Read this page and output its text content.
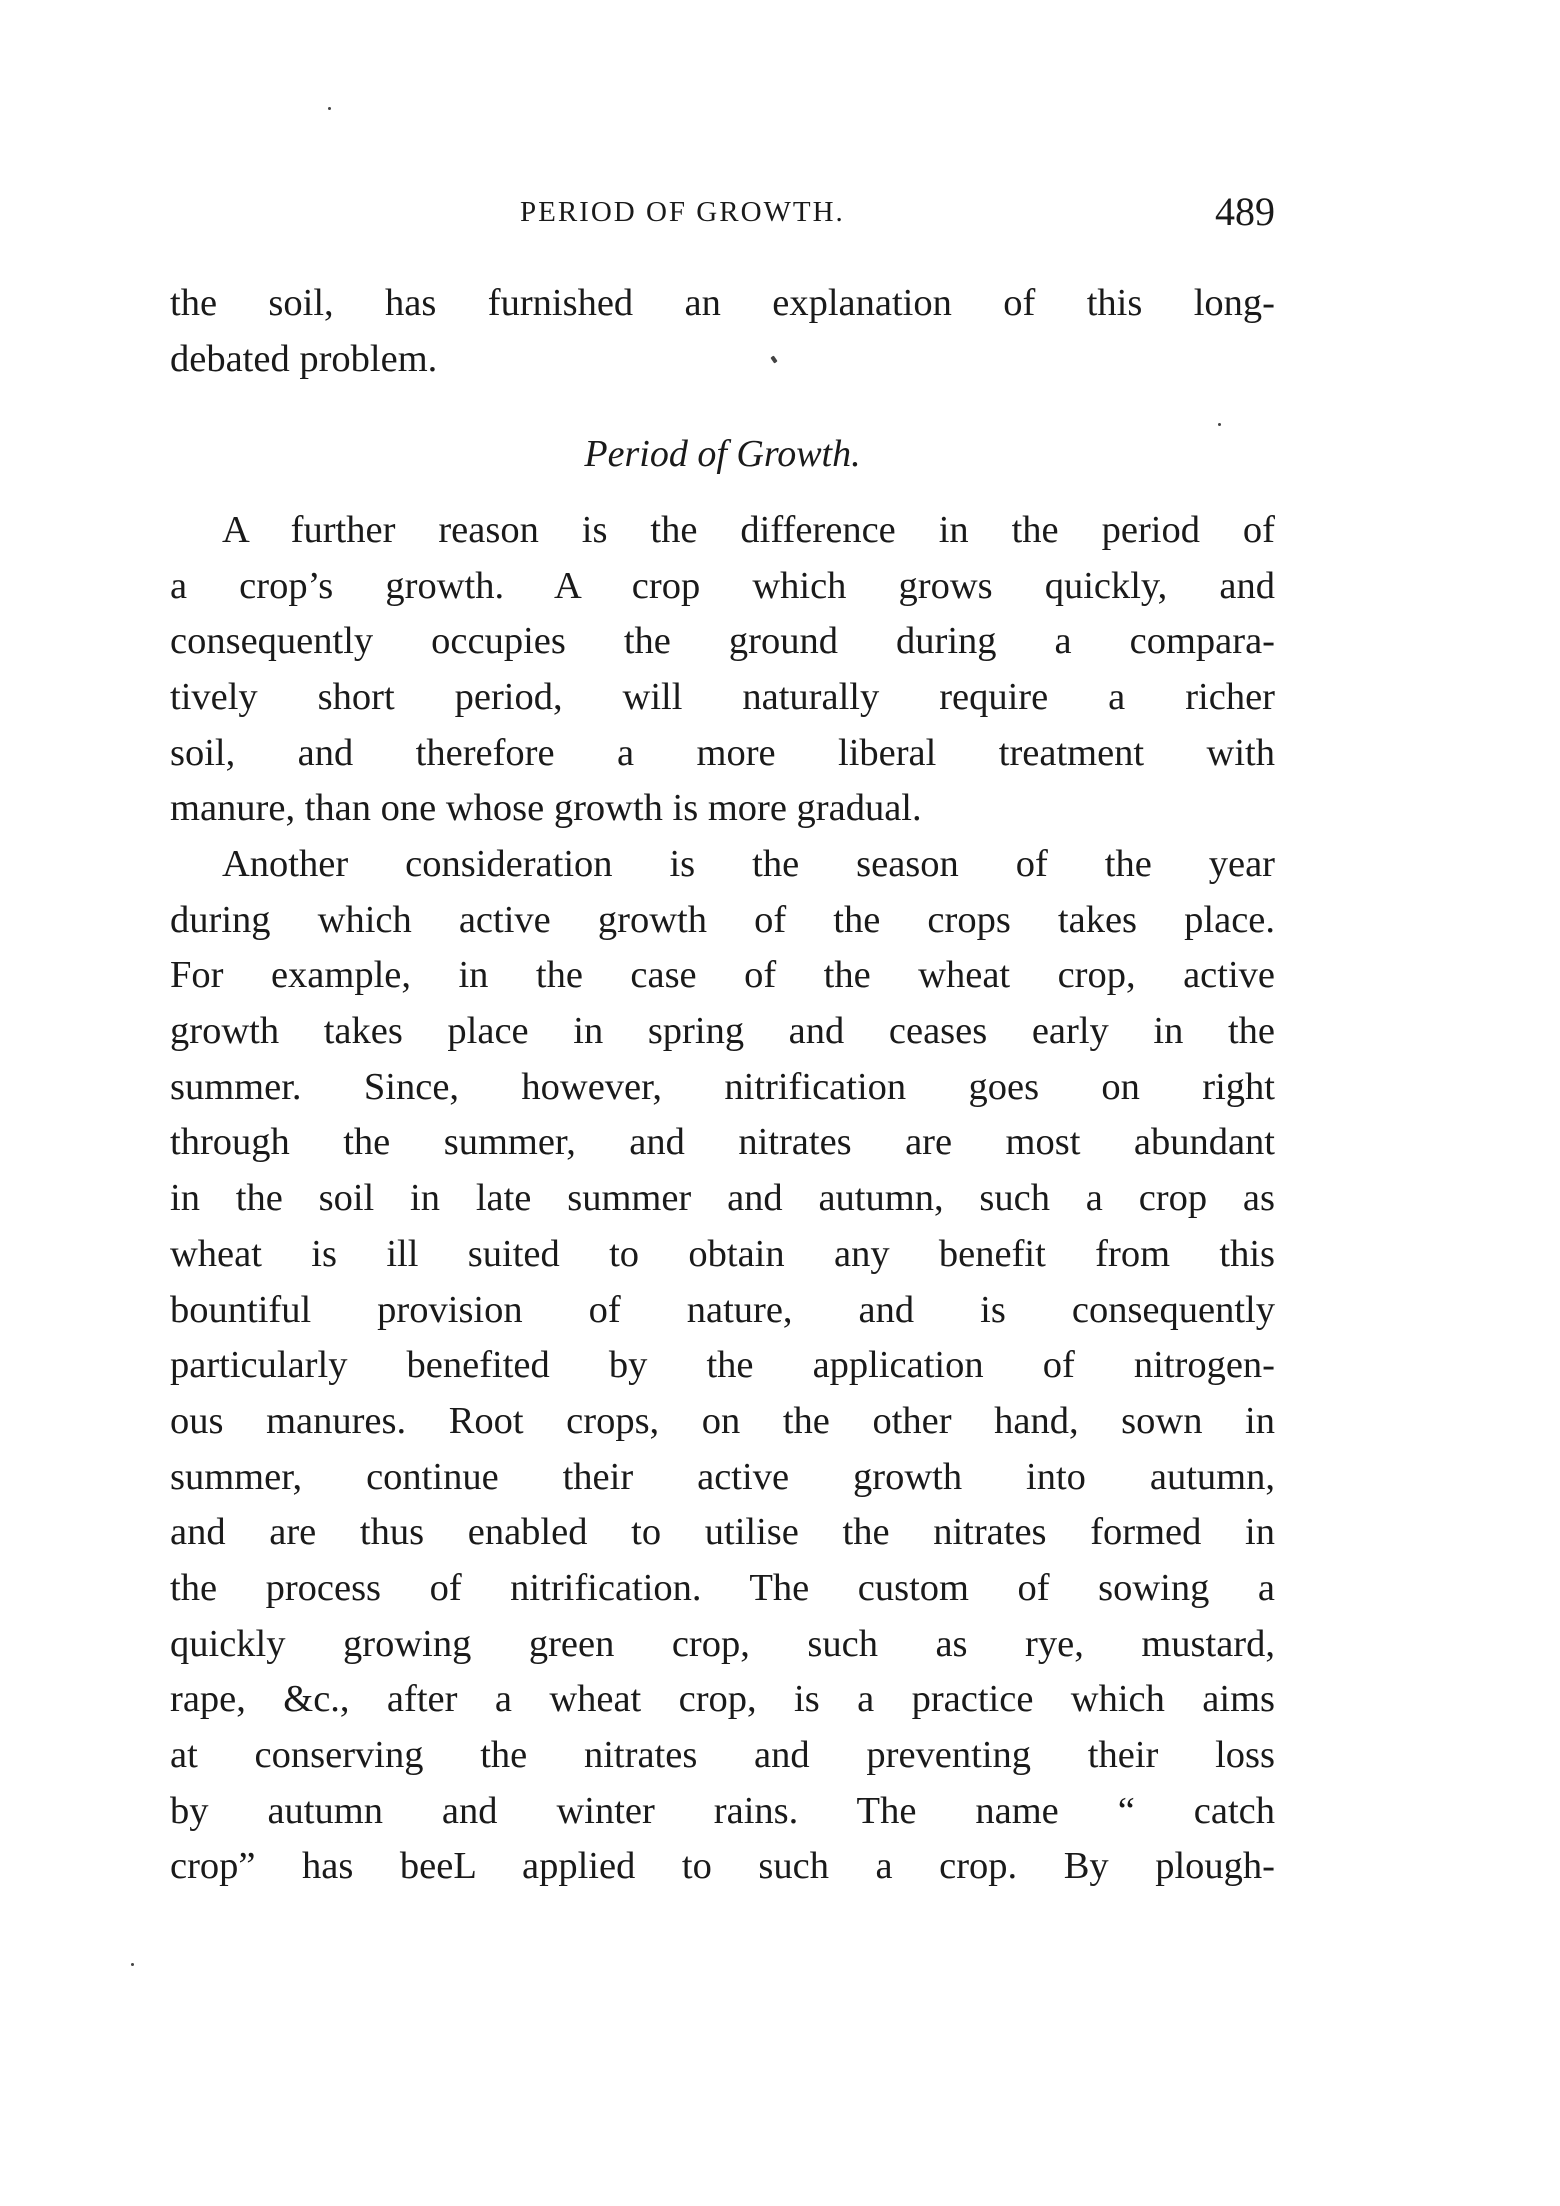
PERIOD OF GROWTH.	489
the soil, has furnished an explanation of this long-
debated problem.
Period of Growth.
A further reason is the difference in the period of
a crop’s growth. A crop which grows quickly, and
consequently occupies the ground during a compara-
tively short period, will naturally require a richer
soil, and therefore a more liberal treatment with
manure, than one whose growth is more gradual.
Another consideration is the season of the year
during which active growth of the crops takes place.
For example, in the case of the wheat crop, active
growth takes place in spring and ceases early in the
summer. Since, however, nitrification goes on right
through the summer, and nitrates are most abundant
in the soil in late summer and autumn, such a crop as
wheat is ill suited to obtain any benefit from this
bountiful provision of nature, and is consequently
particularly benefited by the application of nitrogen-
ous manures. Root crops, on the other hand, sown in
summer, continue their active growth into autumn,
and are thus enabled to utilise the nitrates formed in
the process of nitrification. The custom of sowing a
quickly growing green crop, such as rye, mustard,
rape, &c., after a wheat crop, is a practice which aims
at conserving the nitrates and preventing their loss
by autumn and winter rains. The name “ catch
crop” has beeL applied to such a crop. By plough-
